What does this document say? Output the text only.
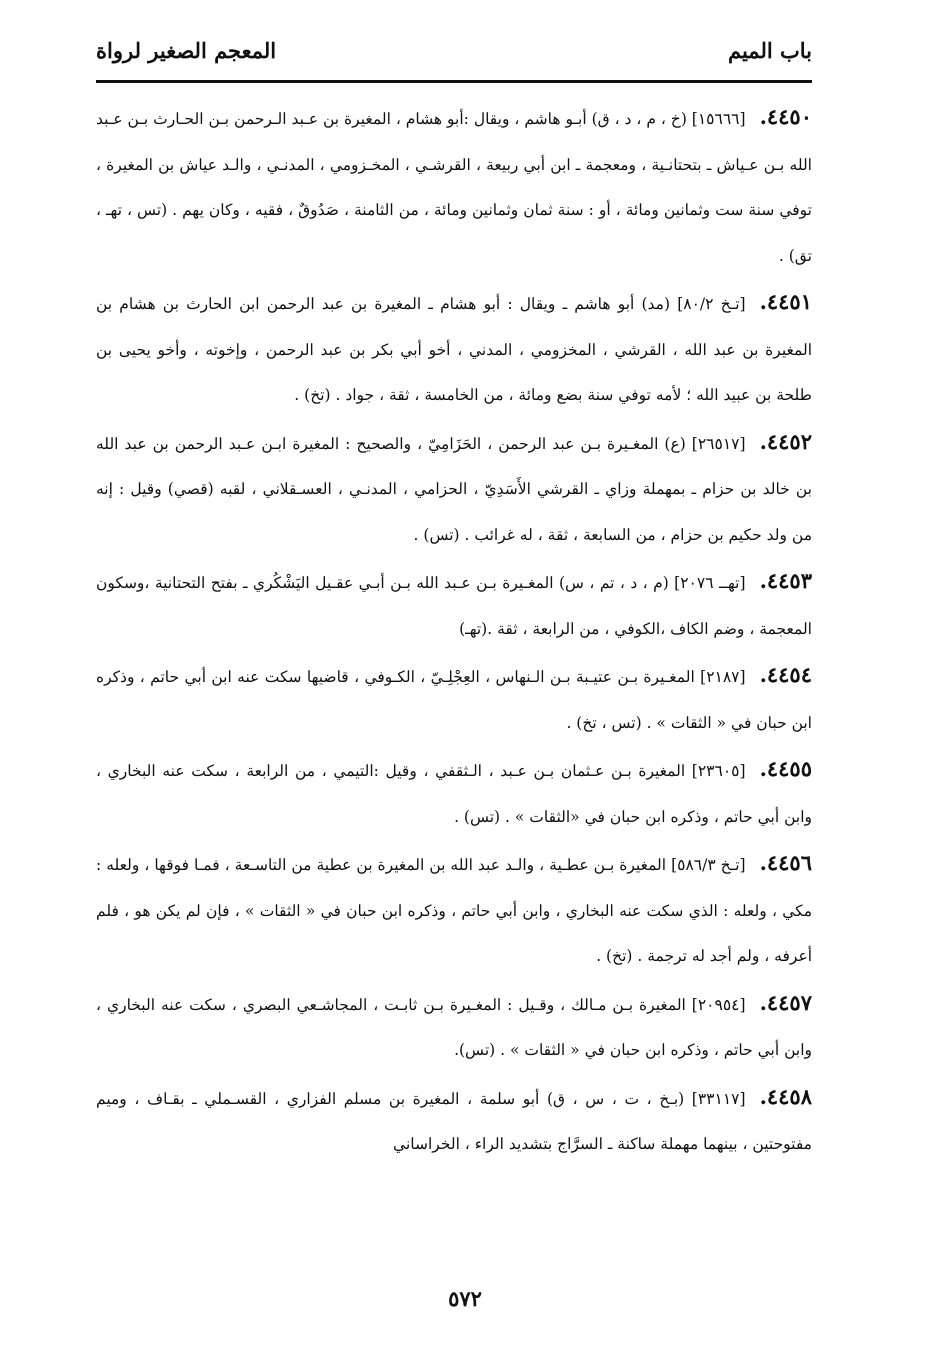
باب الميم
المعجم الصغير لرواة

٤٤٥٠.[١٥٦٦٦] (خ ، م ، د ، ق) أبـو هاشم ، ويقال :أبو هشام ، المغيرة بن عـبد الـرحمن بـن الحـارث بـن عـبد الله بـن عـياش ـ بتحتانـية ، ومعجمة ـ ابن أبي ربيعة ، القرشـي ، المخـزومي ، المدنـي ، والـد عياش بن المغيرة ، توفي سنة ست وثمانين ومائة ، أو : سنة ثمان وثمانين ومائة ، من الثامنة ، صَدُوقٌ ، فقيه ، وكان يهم . (تس ، تهـ ، تق) .

٤٤٥١.[تـخ ٨٠/٢] (مد) أبو هاشم ـ ويقال : أبو هشام ـ المغيرة بن عبد الرحمن ابن الحارث بن هشام بن المغيرة بن عبد الله ، القرشي ، المخزومي ، المدني ، أخو أبي بكر بن عبد الرحمن ، وإخوته ، وأخو يحيى بن طلحة بن عبيد الله ؛ لأمه توفي سنة بضع ومائة ، من الخامسة ، ثقة ، جواد . (تخ) .

٤٤٥٢.[٢٦٥١٧] (ع) المغـيرة بـن عبد الرحمن ، الحَزَامِيّ ، والصحيح : المغيرة ابـن عـبد الرحمن بن عبد الله بن خالد بن حزام ـ بمهملة وزاي ـ القرشي الأَسَدِيّ ، الحزامي ، المدنـي ، العسـقلاني ، لقبه (قصي) وقيل : إنه من ولد حكيم بن حزام ، من السابعة ، ثقة ، له غرائب . (تس) .

٤٤٥٣.[تهــ ٢٠٧٦] (م ، د ، تم ، س) المغـيرة بـن عـبد الله بـن أبـي عقـيل اليَشْكُري ـ بفتح التحتانية ،وسكون المعجمة ، وضم الكاف ،الكوفي ، من الرابعة ، ثقة .(تهـ)

٤٤٥٤.[٢١٨٧] المغـيرة بـن عتيـبة بـن الـنهاس ، العِجْلِـيّ ، الكـوفي ، قاضيها سكت عنه ابن أبي حاتم ، وذكره ابن حبان في « الثقات » . (تس ، تخ) .

٤٤٥٥.[٢٣٦٠٥] المغيرة بـن عـثمان بـن عـبد ، الـثقفي ، وقيل :التيمي ، من الرابعة ، سكت عنه البخاري ، وابن أبي حاتم ، وذكره ابن حبان في «الثقات » . (تس) .

٤٤٥٦.[تـخ ٥٨٦/٣] المغيرة بـن عطـية ، والـد عبد الله بن المغيرة بن عطية من التاسـعة ، فمـا فوقها ، ولعله : مكي ، ولعله : الذي سكت عنه البخاري ، وابن أبي حاتم ، وذكره ابن حبان في « الثقات » ، فإن لم يكن هو ، فلم أعرفه ، ولم أجد له ترجمة . (تخ) .

٤٤٥٧.[٢٠٩٥٤] المغيرة بـن مـالك ، وقـيل : المغـيرة بـن ثابـت ، المجاشـعي البصري ، سكت عنه البخاري ، وابن أبي حاتم ، وذكره ابن حبان في « الثقات » . (تس).

٤٤٥٨.[٣٣١١٧] (بـخ ، ت ، س ، ق) أبو سلمة ، المغيرة بن مسلم الفزاري ، القسـملي ـ بقـاف ، وميم مفتوحتين ، بينهما مهملة ساكنة ـ السرَّاج بتشديد الراء ، الخراساني

٥٧٢
